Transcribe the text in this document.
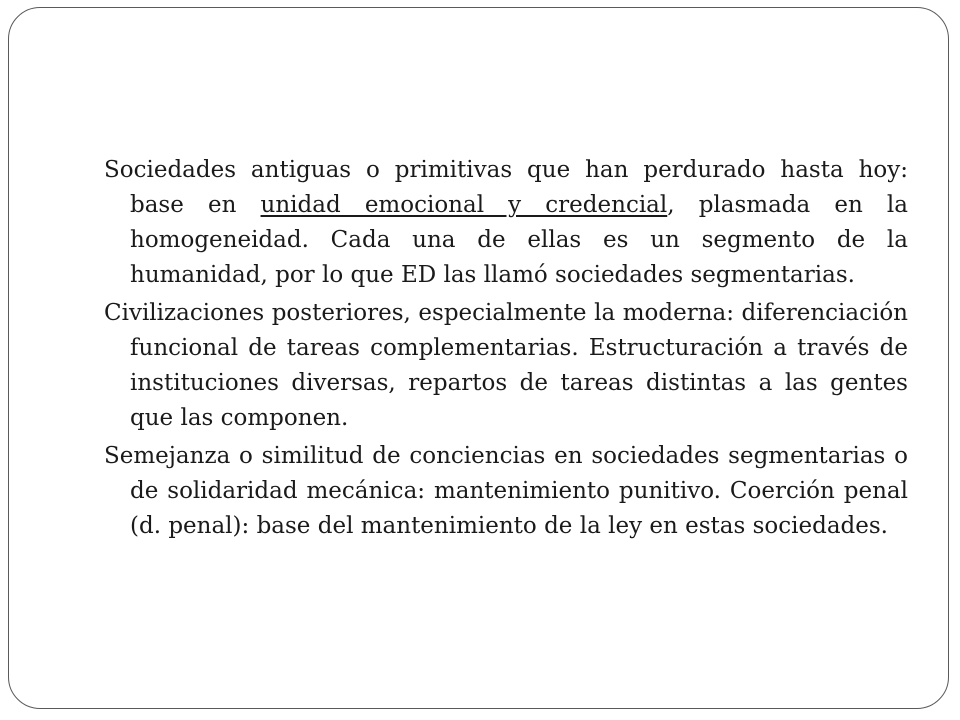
Sociedades antiguas o primitivas que han perdurado hasta hoy: base en unidad emocional y credencial, plasmada en la homogeneidad. Cada una de ellas es un segmento de la humanidad, por lo que ED las llamó sociedades segmentarias.

Civilizaciones posteriores, especialmente la moderna: diferenciación funcional de tareas complementarias. Estructuración a través de instituciones diversas, repartos de tareas distintas a las gentes que las componen.

Semejanza o similitud de conciencias en sociedades segmentarias o de solidaridad mecánica: mantenimiento punitivo. Coerción penal (d. penal): base del mantenimiento de la ley en estas sociedades.
